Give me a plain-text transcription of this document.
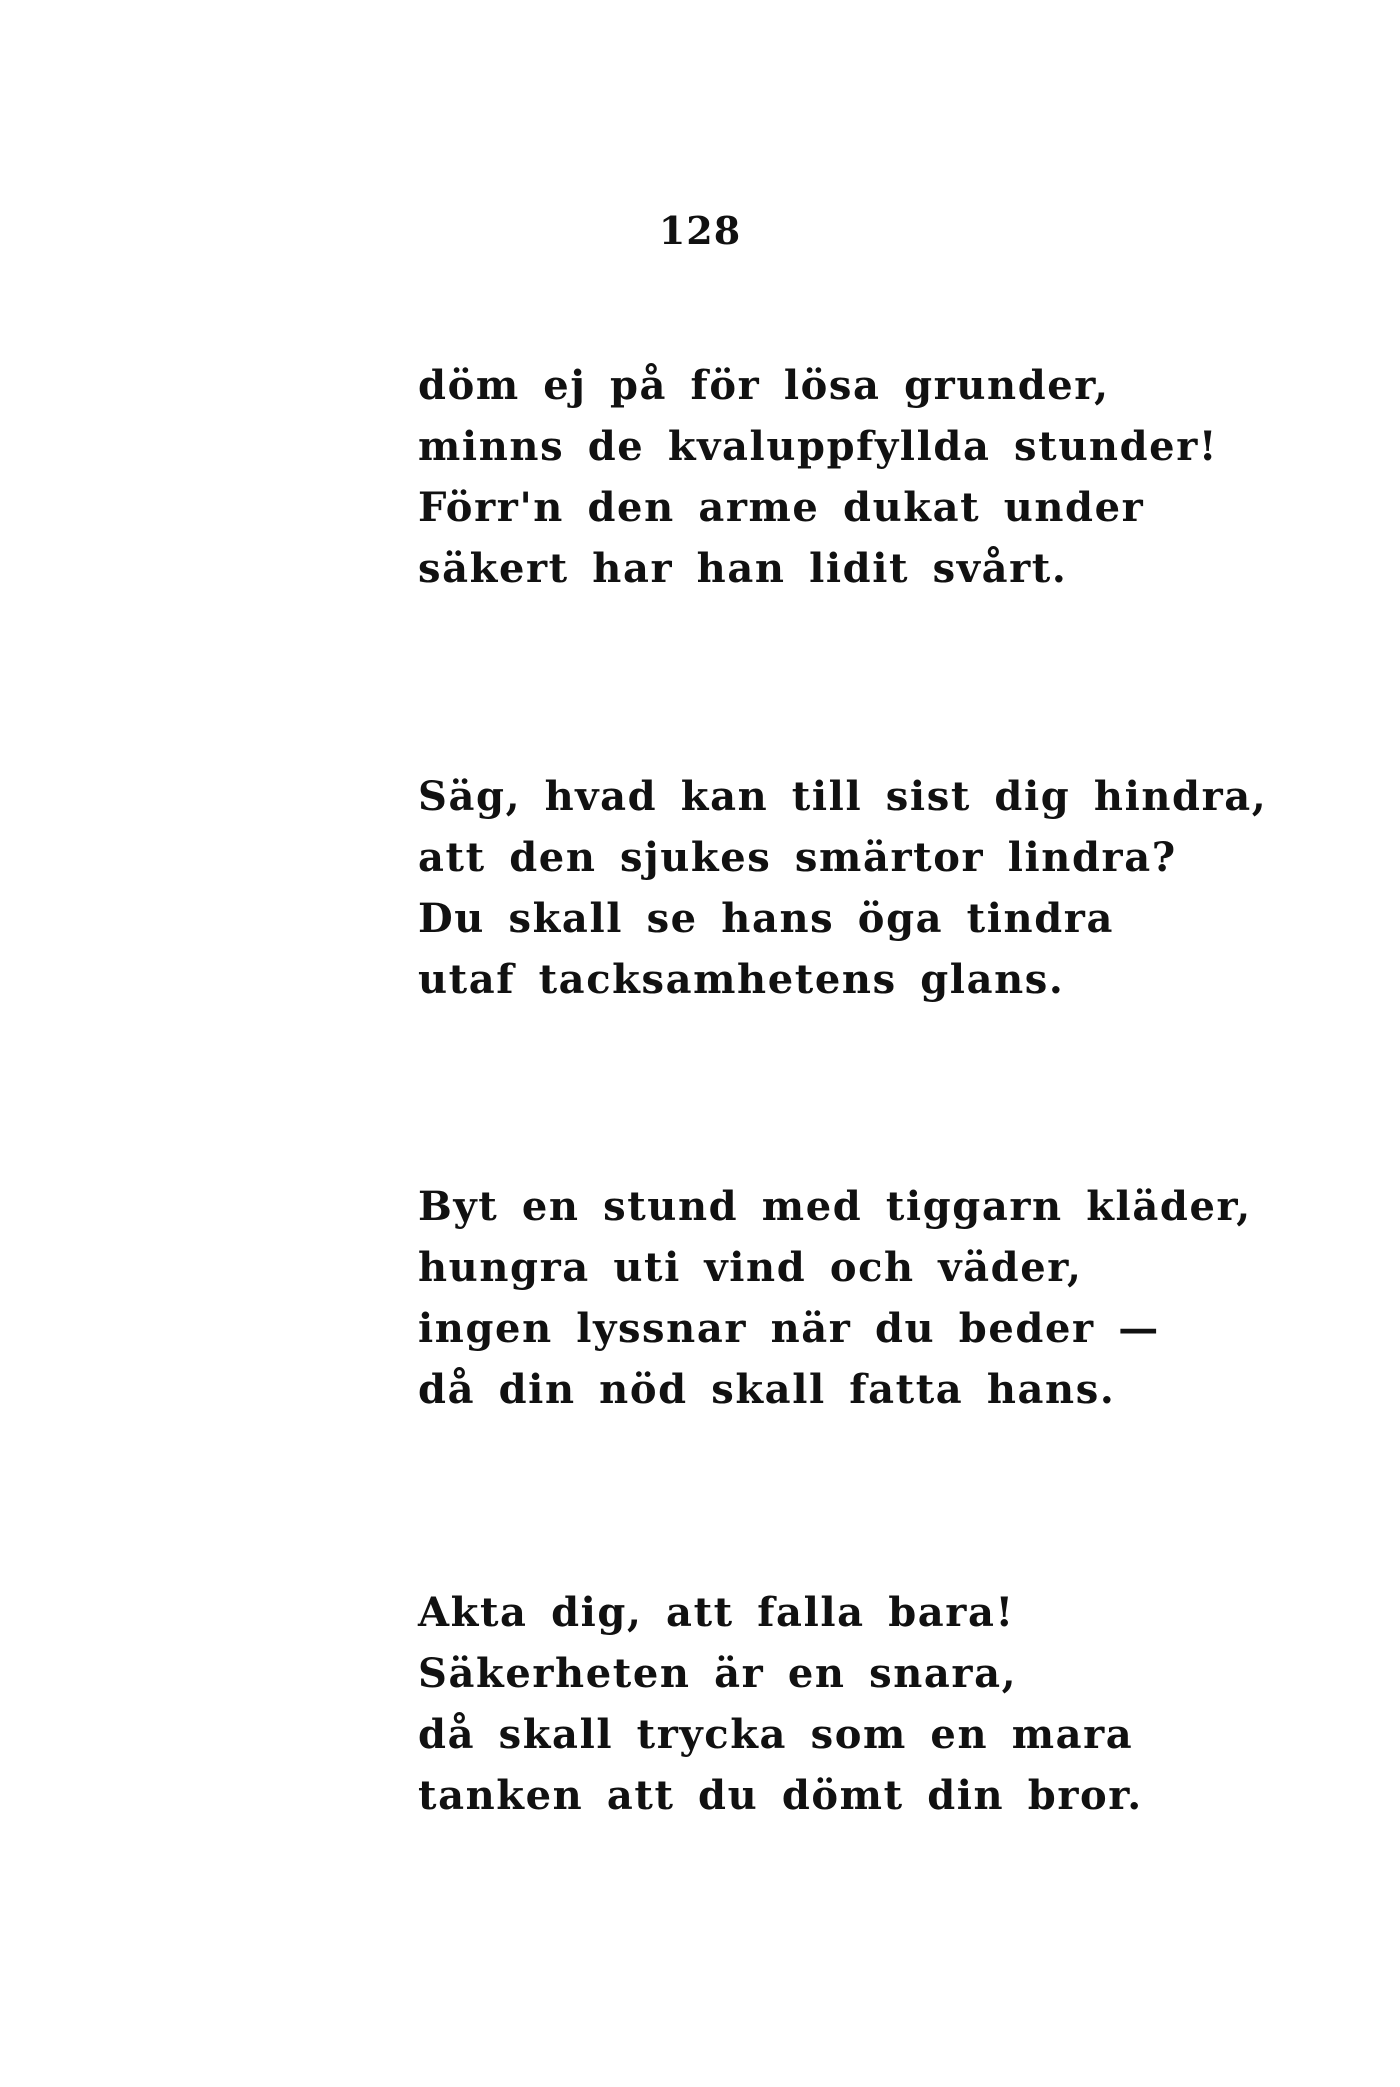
128
döm ej på för lösa grunder,
minns de kvaluppfyllda stunder!
Förr'n den arme dukat under
säkert har han lidit svårt.
Säg, hvad kan till sist dig hindra,
att den sjukes smärtor lindra?
Du skall se hans öga tindra
utaf tacksamhetens glans.
Byt en stund med tiggarn kläder,
hungra uti vind och väder,
ingen lyssnar när du beder —
då din nöd skall fatta hans.
Akta dig, att falla bara!
Säkerheten är en snara,
då skall trycka som en mara
tanken att du dömt din bror.
